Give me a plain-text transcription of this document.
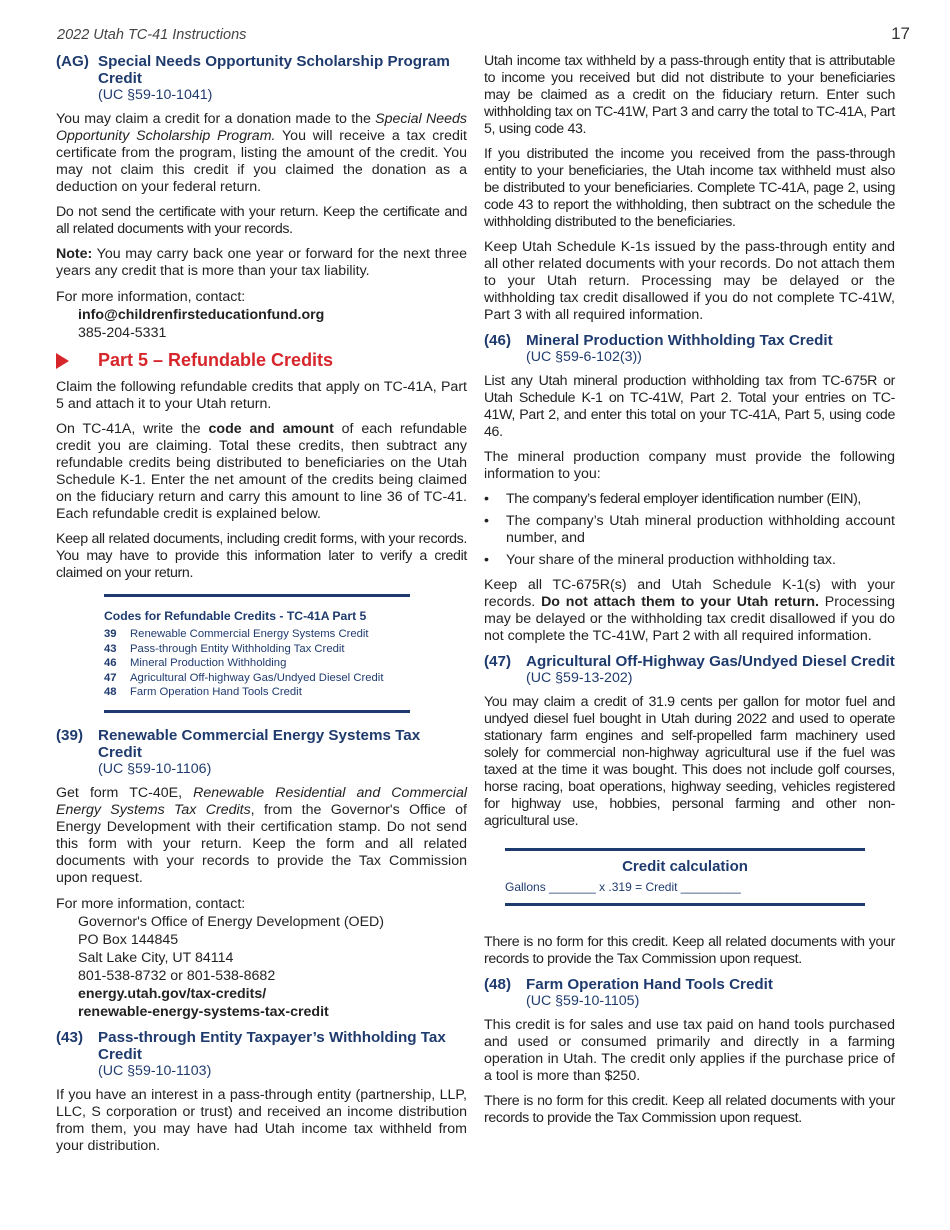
2022 Utah TC-41 Instructions	17
(AG) Special Needs Opportunity Scholarship Program Credit
(UC §59-10-1041)

You may claim a credit for a donation made to the Special Needs Opportunity Scholarship Program. You will receive a tax credit certificate from the program, listing the amount of the credit. You may not claim this credit if you claimed the donation as a deduction on your federal return.

Do not send the certificate with your return. Keep the certificate and all related documents with your records.

Note: You may carry back one year or forward for the next three years any credit that is more than your tax liability.

For more information, contact:
info@childrenfirsteducationfund.org
385-204-5331
Part 5 – Refundable Credits

Claim the following refundable credits that apply on TC-41A, Part 5 and attach it to your Utah return.

On TC-41A, write the code and amount of each refundable credit you are claiming. Total these credits, then subtract any refundable credits being distributed to beneficiaries on the Utah Schedule K-1. Enter the net amount of the credits being claimed on the fiduciary return and carry this amount to line 36 of TC-41. Each refundable credit is explained below.

Keep all related documents, including credit forms, with your records. You may have to provide this information later to verify a credit claimed on your return.

Codes for Refundable Credits - TC-41A Part 5
39	Renewable Commercial Energy Systems Credit
43	Pass-through Entity Withholding Tax Credit
46	Mineral Production Withholding
47	Agricultural Off-highway Gas/Undyed Diesel Credit
48	Farm Operation Hand Tools Credit
(39) Renewable Commercial Energy Systems Tax Credit
(UC §59-10-1106)

Get form TC-40E, Renewable Residential and Commercial Energy Systems Tax Credits, from the Governor's Office of Energy Development with their certification stamp. Do not send this form with your return. Keep the form and all related documents with your records to provide the Tax Commission upon request.

For more information, contact:
Governor's Office of Energy Development (OED)
PO Box 144845
Salt Lake City, UT 84114
801-538-8732 or 801-538-8682
energy.utah.gov/tax-credits/
renewable-energy-systems-tax-credit
(43) Pass-through Entity Taxpayer’s Withholding Tax Credit
(UC §59-10-1103)

If you have an interest in a pass-through entity (partnership, LLP, LLC, S corporation or trust) and received an income distribution from them, you may have had Utah income tax withheld from your distribution.

Utah income tax withheld by a pass-through entity that is attributable to income you received but did not distribute to your beneficiaries may be claimed as a credit on the fiduciary return. Enter such withholding tax on TC-41W, Part 3 and carry the total to TC-41A, Part 5, using code 43.

If you distributed the income you received from the pass-through entity to your beneficiaries, the Utah income tax withheld must also be distributed to your beneficiaries. Complete TC-41A, page 2, using code 43 to report the withholding, then subtract on the schedule the withholding distributed to the beneficiaries.

Keep Utah Schedule K-1s issued by the pass-through entity and all other related documents with your records. Do not attach them to your Utah return. Processing may be delayed or the withholding tax credit disallowed if you do not complete TC-41W, Part 3 with all required information.

(46) Mineral Production Withholding Tax Credit
(UC §59-6-102(3))

List any Utah mineral production withholding tax from TC-675R or Utah Schedule K-1 on TC-41W, Part 2. Total your entries on TC-41W, Part 2, and enter this total on your TC-41A, Part 5, using code 46.

The mineral production company must provide the following information to you:

• The company’s federal employer identification number (EIN),
• The company’s Utah mineral production withholding account number, and
• Your share of the mineral production withholding tax.

Keep all TC-675R(s) and Utah Schedule K-1(s) with your records. Do not attach them to your Utah return. Processing may be delayed or the withholding tax credit disallowed if you do not complete the TC-41W, Part 2 with all required information.

(47) Agricultural Off-Highway Gas/Undyed Diesel Credit
(UC §59-13-202)

You may claim a credit of 31.9 cents per gallon for motor fuel and undyed diesel fuel bought in Utah during 2022 and used to operate stationary farm engines and self-propelled farm machinery used solely for commercial non-highway agricultural use if the fuel was taxed at the time it was bought. This does not include golf courses, horse racing, boat operations, highway seeding, vehicles registered for highway use, hobbies, personal farming and other non-agricultural use.

Credit calculation
Gallons _______ x .319 = Credit _________

There is no form for this credit. Keep all related documents with your records to provide the Tax Commission upon request.

(48) Farm Operation Hand Tools Credit
(UC §59-10-1105)

This credit is for sales and use tax paid on hand tools purchased and used or consumed primarily and directly in a farming operation in Utah. The credit only applies if the purchase price of a tool is more than $250.

There is no form for this credit. Keep all related documents with your records to provide the Tax Commission upon request.
